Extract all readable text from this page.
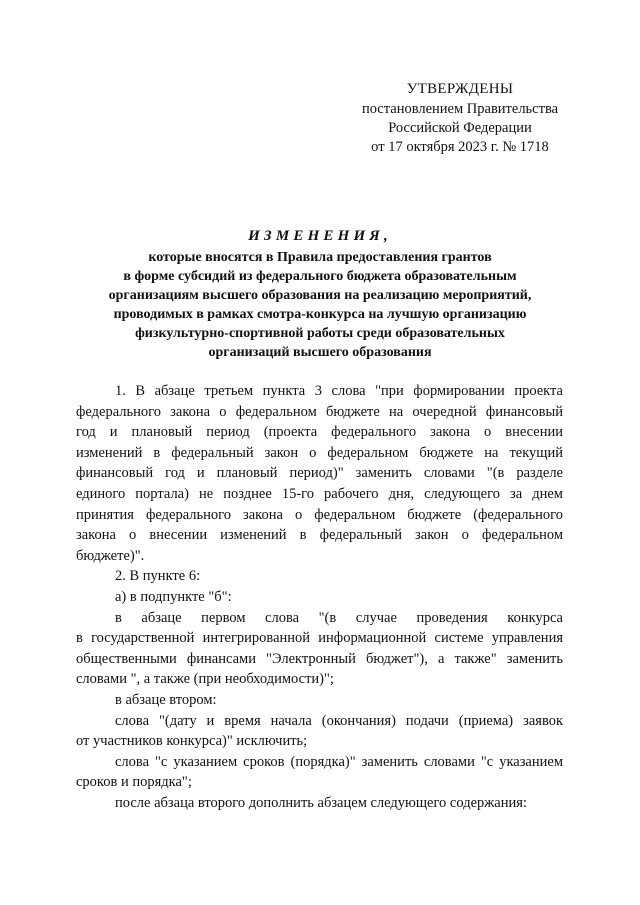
УТВЕРЖДЕНЫ
постановлением Правительства
Российской Федерации
от 17 октября 2023 г. № 1718
ИЗМЕНЕНИЯ,
которые вносятся в Правила предоставления грантов
в форме субсидий из федерального бюджета образовательным
организациям высшего образования на реализацию мероприятий,
проводимых в рамках смотра-конкурса на лучшую организацию
физкультурно-спортивной работы среди образовательных
организаций высшего образования
1. В абзаце третьем пункта 3 слова "при формировании проекта
федерального закона о федеральном бюджете на очередной финансовый
год и плановый период (проекта федерального закона о внесении
изменений в федеральный закон о федеральном бюджете на текущий
финансовый год и плановый период)" заменить словами "(в разделе
единого портала) не позднее 15-го рабочего дня, следующего за днем
принятия федерального закона о федеральном бюджете (федерального
закона о внесении изменений в федеральный закон о федеральном
бюджете)".
2. В пункте 6:
а) в подпункте "б":
в абзаце первом слова "(в случае проведения конкурса
в государственной интегрированной информационной системе управления
общественными финансами "Электронный бюджет"), а также" заменить
словами ", а также (при необходимости)";
в абзаце втором:
слова "(дату и время начала (окончания) подачи (приема) заявок
от участников конкурса)" исключить;
слова "с указанием сроков (порядка)" заменить словами "с указанием
сроков и порядка";
после абзаца второго дополнить абзацем следующего содержания:
